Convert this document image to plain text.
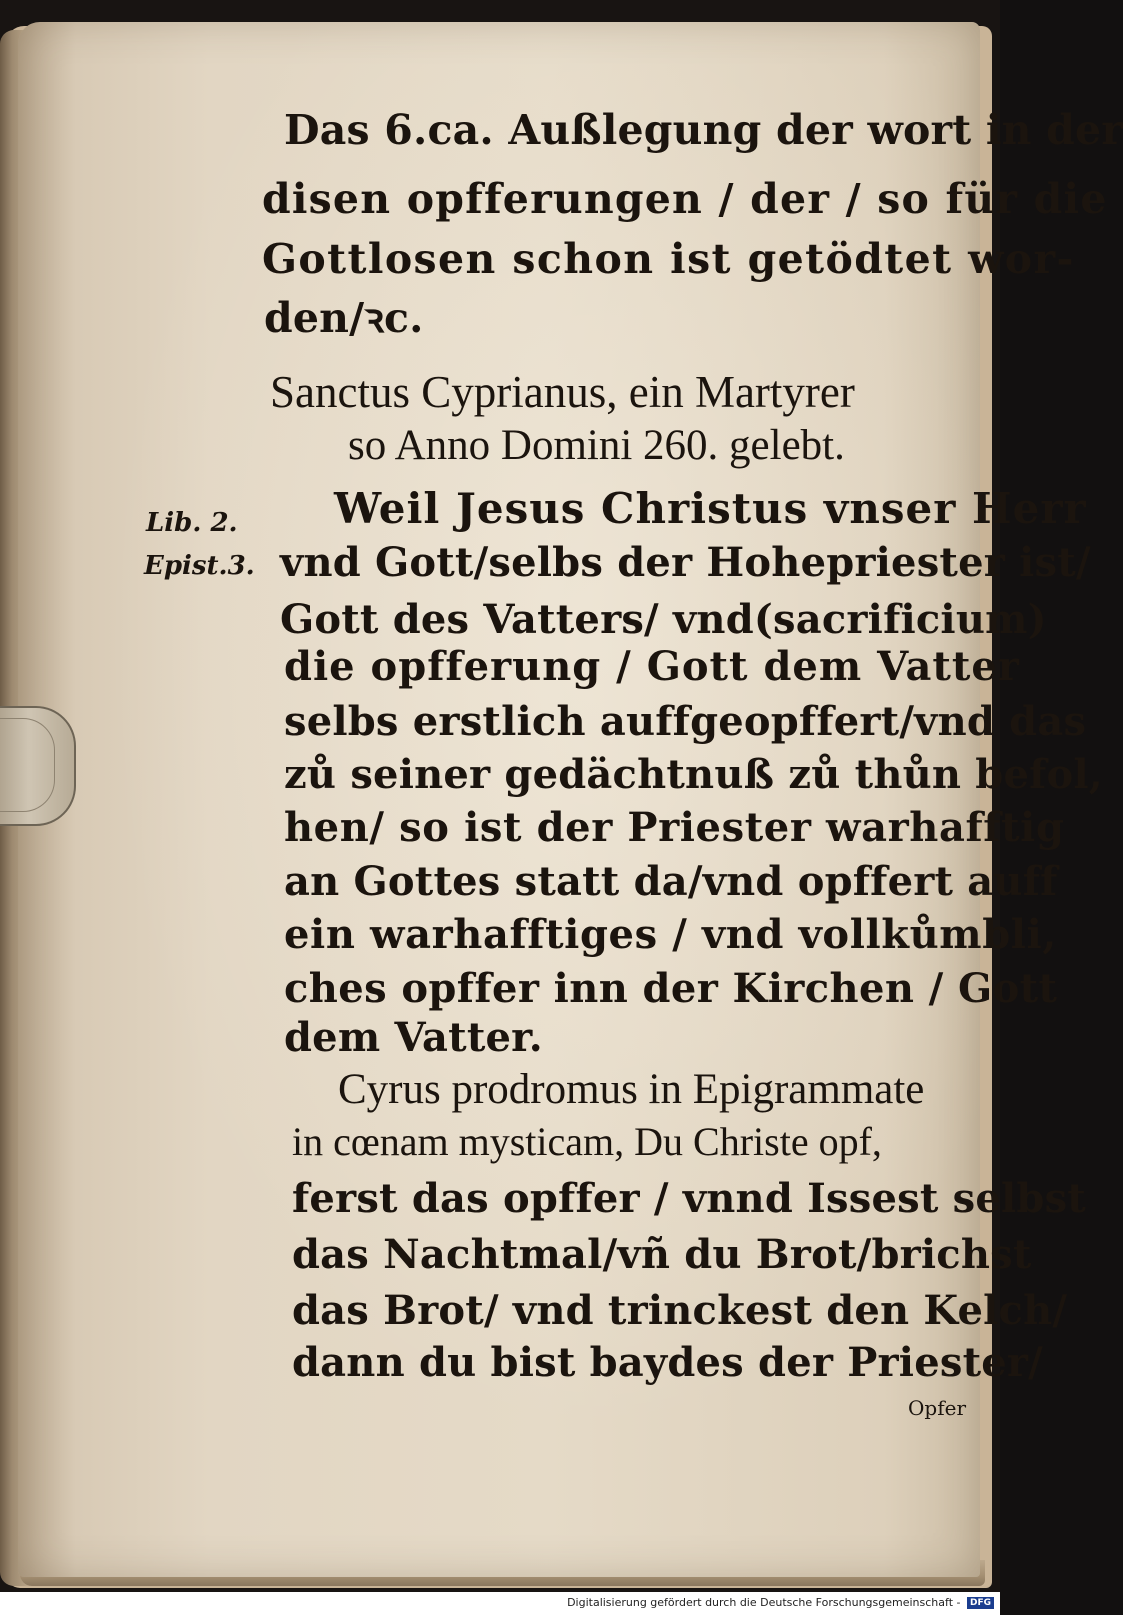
Das 6.ca. Außlegung der wort in der
disen opfferungen / der / so für die
Gottlosen schon ist getödtet wor‑
den/ꝛc.
Sanctus Cyprianus, ein Martyrer
so Anno Domini 260. gelebt.
Lib. 2.
Epist.3.
Weil Jesus Christus vnser Herr
vnd Gott/selbs der Hohepriester ist/
Gott des Vatters/ vnd(sacrificium)
die opfferung / Gott dem Vatter
selbs erstlich auffgeopffert/vnd das
zů seiner gedächtnuß zů thůn befol,
hen/ so ist der Priester warhafftig
an Gottes statt da/vnd opffert auff
ein warhafftiges / vnd vollkůmbli,
ches opffer inn der Kirchen / Gott
dem Vatter.
Cyrus prodromus in Epigrammate
in cœnam mysticam, Du Christe opf,
ferst das opffer / vnnd Issest selbst
das Nachtmal/vñ du Brot/brichst
das Brot/ vnd trinckest den Kelch/
dann du bist baydes der Priester/
Opfer
Digitalisierung gefördert durch die Deutsche Forschungsgemeinschaft - DFG
